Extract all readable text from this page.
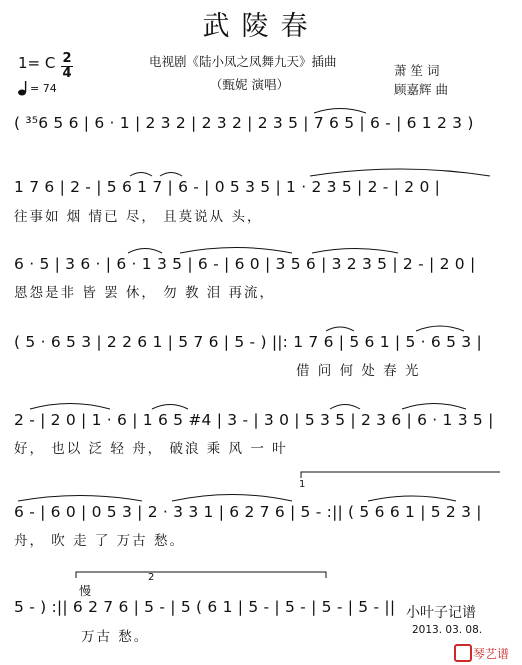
武陵春
1= C 2
4
= 74
电视剧《陆小凤之凤舞九天》插曲
（甄妮 演唱）
萧 笙 词
顾嘉辉 曲
( ³⁵6 5 6 | 6 · 1 | 2 3 2 | 2 3 2 | 2 3 5 | 7 6 5 | 6 - | 6 1 2 3 )
1 7 6 | 2 - | 5 6 1 7 | 6 - | 0 5 3 5 | 1 · 2 3 5 | 2 - | 2 0 |
往事如 烟 情已 尽， 且莫说从 头，
6 · 5 | 3 6 · | 6 · 1 3 5 | 6 - | 6 0 | 3 5 6 | 3 2 3 5 | 2 - | 2 0 |
恩怨是非 皆 罢 休， 勿 教 泪 再流，
( 5 · 6 5 3 | 2 2 6 1 | 5 7 6 | 5 - ) ||: 1 7 6 | 5 6 1 | 5 · 6 5 3 |
借 问 何 处 春 光
2 - | 2 0 | 1 · 6 | 1 6 5 #4 | 3 - | 3 0 | 5 3 5 | 2 3 6 | 6 · 1 3 5 |
好， 也以 泛 轻 舟， 破浪 乘 风 一 叶
6 - | 6 0 | 0 5 3 | 2 · 3 3 1 | 6 2 7 6 | 5 - :|| ( 5 6 6 1 | 5 2 3 |
舟， 吹 走 了 万古 愁。
慢
5 - ) :|| 6 2 7 6 | 5 - | 5 ( 6 1 | 5 - | 5 - | 5 - | 5 - ||
万古 愁。
1
2
小叶子记谱
2013. 03. 08.
琴艺谱
